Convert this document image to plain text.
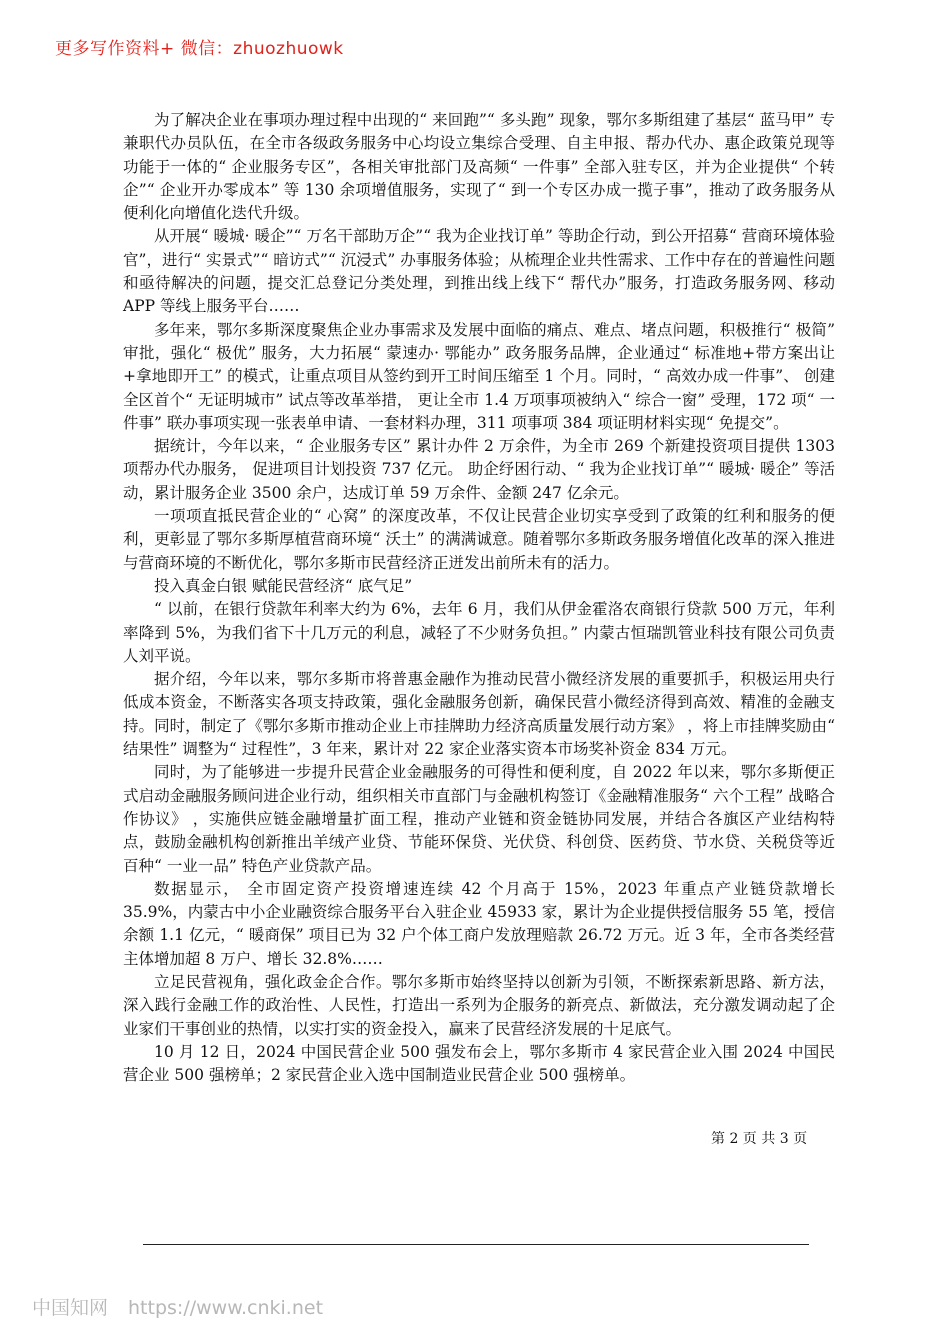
更多写作资料+ 微信：zhuozhuowk

为了解决企业在事项办理过程中出现的“ 来回跑”“ 多头跑” 现象，鄂尔多斯组建了基层“ 蓝马甲” 专兼职代办员队伍，在全市各级政务服务中心均设立集综合受理、自主申报、帮办代办、惠企政策兑现等功能于一体的“ 企业服务专区”，各相关审批部门及高频“ 一件事” 全部入驻专区，并为企业提供“ 个转企”“ 企业开办零成本” 等 130 余项增值服务，实现了“ 到一个专区办成一揽子事”，推动了政务服务从便利化向增值化迭代升级。

从开展“ 暖城· 暖企”“ 万名干部助万企”“ 我为企业找订单” 等助企行动，到公开招募“ 营商环境体验官”，进行“ 实景式”“ 暗访式”“ 沉浸式” 办事服务体验；从梳理企业共性需求、工作中存在的普遍性问题和亟待解决的问题，提交汇总登记分类处理，到推出线上线下“ 帮代办”服务，打造政务服务网、移动 APP 等线上服务平台……

多年来，鄂尔多斯深度聚焦企业办事需求及发展中面临的痛点、难点、堵点问题，积极推行“ 极简” 审批，强化“ 极优” 服务，大力拓展“ 蒙速办· 鄂能办” 政务服务品牌，企业通过“ 标准地+带方案出让+拿地即开工” 的模式，让重点项目从签约到开工时间压缩至 1 个月。同时，“ 高效办成一件事”、 创建全区首个“ 无证明城市” 试点等改革举措， 更让全市 1.4 万项事项被纳入“ 综合一窗” 受理，172 项“ 一件事” 联办事项实现一张表单申请、一套材料办理，311 项事项 384 项证明材料实现“ 免提交”。

据统计，今年以来，“ 企业服务专区” 累计办件 2 万余件，为全市 269 个新建投资项目提供 1303 项帮办代办服务， 促进项目计划投资 737 亿元。 助企纾困行动、“ 我为企业找订单”“ 暖城· 暖企” 等活动，累计服务企业 3500 余户，达成订单 59 万余件、金额 247 亿余元。

一项项直抵民营企业的“ 心窝” 的深度改革，不仅让民营企业切实享受到了政策的红利和服务的便利，更彰显了鄂尔多斯厚植营商环境“ 沃土” 的满满诚意。随着鄂尔多斯政务服务增值化改革的深入推进与营商环境的不断优化，鄂尔多斯市民营经济正迸发出前所未有的活力。

投入真金白银 赋能民营经济“ 底气足”

“ 以前，在银行贷款年利率大约为 6%，去年 6 月，我们从伊金霍洛农商银行贷款 500 万元，年利率降到 5%，为我们省下十几万元的利息，减轻了不少财务负担。” 内蒙古恒瑞凯管业科技有限公司负责人刘平说。

据介绍，今年以来，鄂尔多斯市将普惠金融作为推动民营小微经济发展的重要抓手，积极运用央行低成本资金，不断落实各项支持政策，强化金融服务创新，确保民营小微经济得到高效、精准的金融支持。同时，制定了《鄂尔多斯市推动企业上市挂牌助力经济高质量发展行动方案》 ，将上市挂牌奖励由“ 结果性” 调整为“ 过程性”，3 年来，累计对 22 家企业落实资本市场奖补资金 834 万元。

同时，为了能够进一步提升民营企业金融服务的可得性和便利度，自 2022 年以来，鄂尔多斯便正式启动金融服务顾问进企业行动，组织相关市直部门与金融机构签订《金融精准服务“ 六个工程” 战略合作协议》 ，实施供应链金融增量扩面工程，推动产业链和资金链协同发展，并结合各旗区产业结构特点，鼓励金融机构创新推出羊绒产业贷、节能环保贷、光伏贷、科创贷、医药贷、节水贷、关税贷等近百种“ 一业一品” 特色产业贷款产品。

数据显示， 全市固定资产投资增速连续 42 个月高于 15%，2023 年重点产业链贷款增长 35.9%，内蒙古中小企业融资综合服务平台入驻企业 45933 家，累计为企业提供授信服务 55 笔，授信余额 1.1 亿元，“ 暖商保” 项目已为 32 户个体工商户发放理赔款 26.72 万元。近 3 年，全市各类经营主体增加超 8 万户、增长 32.8%……

立足民营视角，强化政金企合作。鄂尔多斯市始终坚持以创新为引领，不断探索新思路、新方法，深入践行金融工作的政治性、人民性，打造出一系列为企服务的新亮点、新做法，充分激发调动起了企业家们干事创业的热情，以实打实的资金投入，赢来了民营经济发展的十足底气。

10 月 12 日，2024 中国民营企业 500 强发布会上，鄂尔多斯市 4 家民营企业入围 2024 中国民营企业 500 强榜单；2 家民营企业入选中国制造业民营企业 500 强榜单。

第 2 页 共 3 页
中国知网 https://www.cnki.net
